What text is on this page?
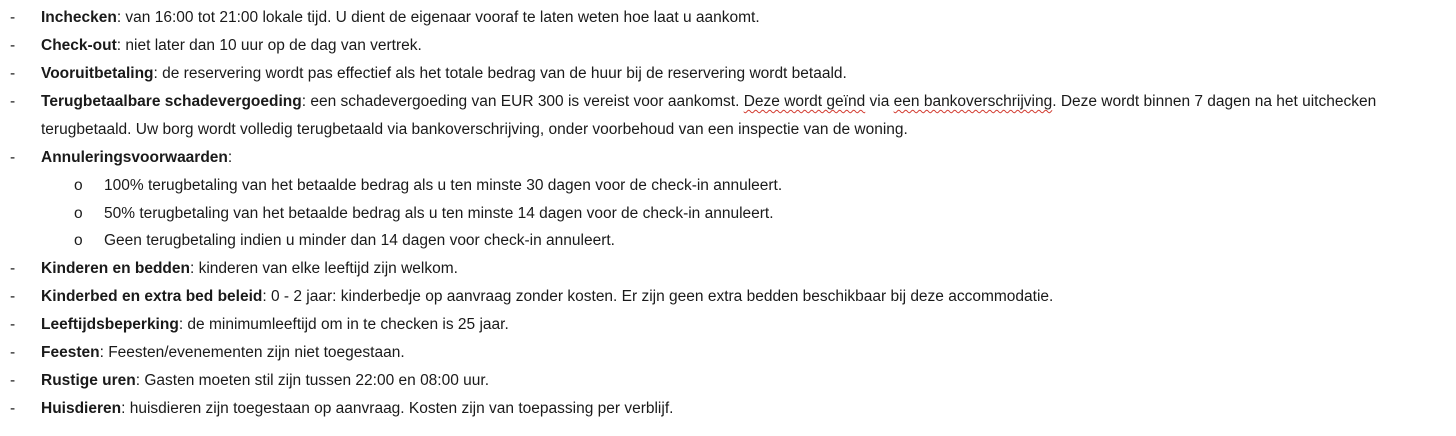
- Inchecken: van 16:00 tot 21:00 lokale tijd. U dient de eigenaar vooraf te laten weten hoe laat u aankomt.
- Check-out: niet later dan 10 uur op de dag van vertrek.
- Vooruitbetaling: de reservering wordt pas effectief als het totale bedrag van de huur bij de reservering wordt betaald.
- Terugbetaalbare schadevergoeding: een schadevergoeding van EUR 300 is vereist voor aankomst. Deze wordt geïnd via een bankoverschrijving. Deze wordt binnen 7 dagen na het uitchecken terugbetaald. Uw borg wordt volledig terugbetaald via bankoverschrijving, onder voorbehoud van een inspectie van de woning.
- Annuleringsvoorwaarden:
o 100% terugbetaling van het betaalde bedrag als u ten minste 30 dagen voor de check-in annuleert.
o 50% terugbetaling van het betaalde bedrag als u ten minste 14 dagen voor de check-in annuleert.
o Geen terugbetaling indien u minder dan 14 dagen voor check-in annuleert.
- Kinderen en bedden: kinderen van elke leeftijd zijn welkom.
- Kinderbed en extra bed beleid: 0 - 2 jaar: kinderbedje op aanvraag zonder kosten. Er zijn geen extra bedden beschikbaar bij deze accommodatie.
- Leeftijdsbeperking: de minimumleeftijd om in te checken is 25 jaar.
- Feesten: Feesten/evenementen zijn niet toegestaan.
- Rustige uren: Gasten moeten stil zijn tussen 22:00 en 08:00 uur.
- Huisdieren: huisdieren zijn toegestaan op aanvraag. Kosten zijn van toepassing per verblijf.
